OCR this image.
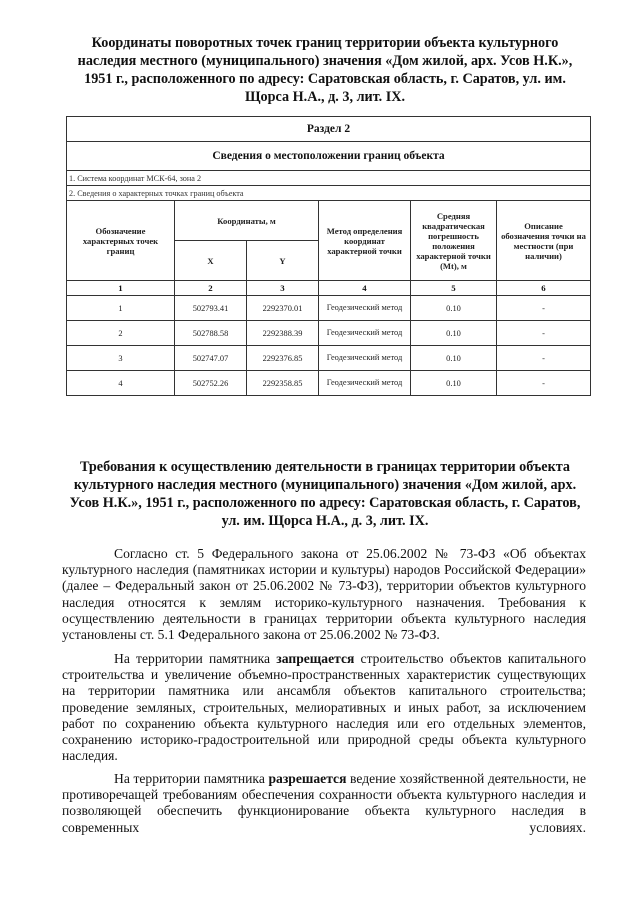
Координаты поворотных точек границ территории объекта культурного наследия местного (муниципального) значения «Дом жилой, арх. Усов Н.К.», 1951 г., расположенного по адресу: Саратовская область, г. Саратов, ул. им. Щорса Н.А., д. 3, лит. IX.
Раздел 2					
Сведения о местоположении границ объекта					
1. Система координат МСК-64, зона 2					
2. Сведения о характерных точках границ объекта					
Обозначение характерных точек границ	Координаты, м		Метод определения координат характерной точки	Средняя квадратическая погрешность положения характерной точки (Mt), м	Описание обозначения точки на местности (при наличии)
	X	Y			
1	2	3	4	5	6
1	502793.41	2292370.01	Геодезический метод	0.10	-
2	502788.58	2292388.39	Геодезический метод	0.10	-
3	502747.07	2292376.85	Геодезический метод	0.10	-
4	502752.26	2292358.85	Геодезический метод	0.10	-
Требования к осуществлению деятельности в границах территории объекта культурного наследия местного (муниципального) значения «Дом жилой, арх. Усов Н.К.», 1951 г., расположенного по адресу: Саратовская область, г. Саратов, ул. им. Щорса Н.А., д. 3, лит. IX.

Согласно ст. 5 Федерального закона от 25.06.2002 № 73-ФЗ «Об объектах культурного наследия (памятниках истории и культуры) народов Российской Федерации» (далее – Федеральный закон от 25.06.2002 № 73-ФЗ), территории объектов культурного наследия относятся к землям историко-культурного назначения. Требования к осуществлению деятельности в границах территории объекта культурного наследия установлены ст. 5.1 Федерального закона от 25.06.2002 № 73-ФЗ.

На территории памятника запрещается строительство объектов капитального строительства и увеличение объемно-пространственных характеристик существующих на территории памятника или ансамбля объектов капитального строительства; проведение земляных, строительных, мелиоративных и иных работ, за исключением работ по сохранению объекта культурного наследия или его отдельных элементов, сохранению историко-градостроительной или природной среды объекта культурного наследия.

На территории памятника разрешается ведение хозяйственной деятельности, не противоречащей требованиям обеспечения сохранности объекта культурного наследия и позволяющей обеспечить функционирование объекта культурного наследия в современных условиях.
